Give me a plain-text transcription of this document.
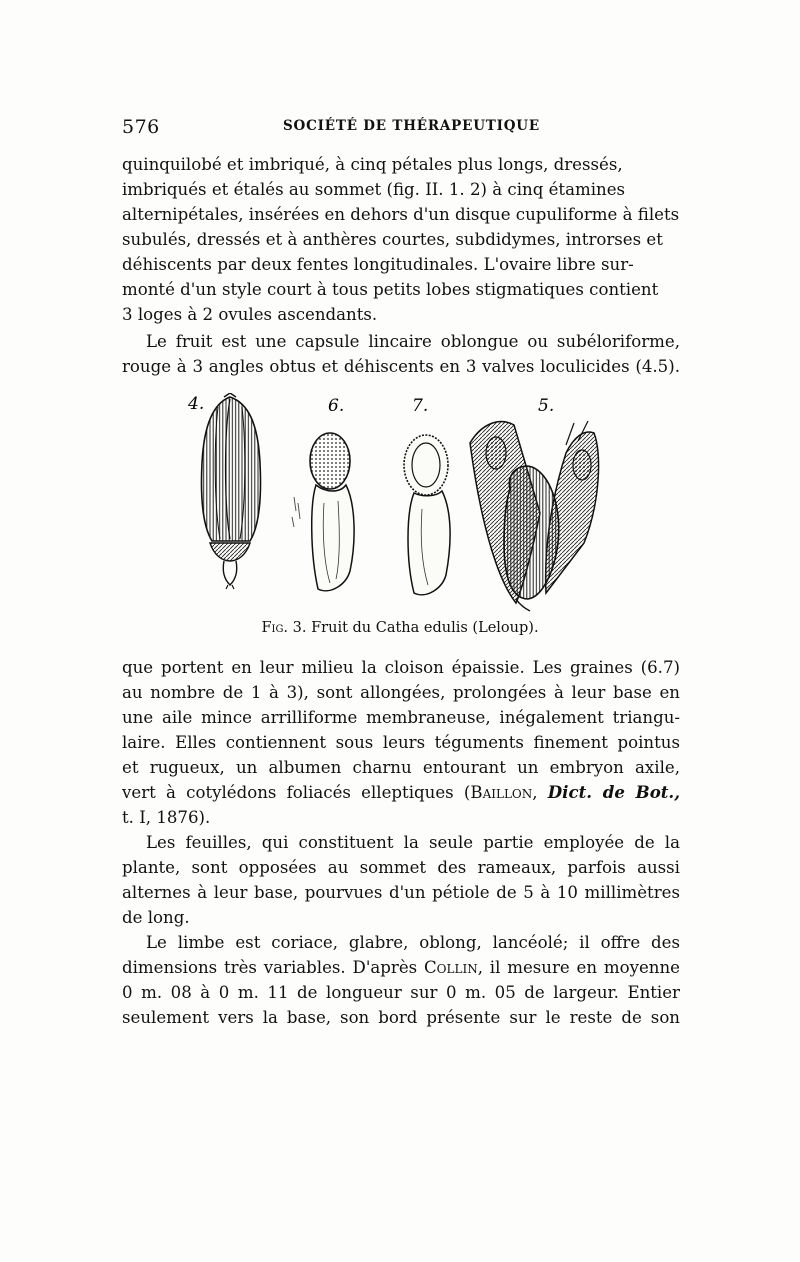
576	SOCIÉTÉ DE THÉRAPEUTIQUE
quinquilobé et imbriqué, à cinq pétales plus longs, dressés,
imbriqués et étalés au sommet (fig. II. 1. 2) à cinq étamines
alternipétales, insérées en dehors d'un disque cupuliforme à filets
subulés, dressés et à anthères courtes, subdidymes, introrses et
déhiscents par deux fentes longitudinales. L'ovaire libre sur-
monté d'un style court à tous petits lobes stigmatiques contient
3 loges à 2 ovules ascendants.
Le fruit est une capsule lincaire oblongue ou subéloriforme,
rouge à 3 angles obtus et déhiscents en 3 valves loculicides (4.5).
4.	6.	7.	5.
Fig. 3. Fruit du Catha edulis (Leloup).
que portent en leur milieu la cloison épaissie. Les graines (6.7)
au nombre de 1 à 3), sont allongées, prolongées à leur base en
une aile mince arrilliforme membraneuse, inégalement triangu-
laire. Elles contiennent sous leurs téguments finement pointus
et rugueux, un albumen charnu entourant un embryon axile,
vert à cotylédons foliacés elleptiques (Baillon, Dict. de Bot.,
t. I, 1876).
Les feuilles, qui constituent la seule partie employée de la
plante, sont opposées au sommet des rameaux, parfois aussi
alternes à leur base, pourvues d'un pétiole de 5 à 10 millimètres
de long.
Le limbe est coriace, glabre, oblong, lancéolé; il offre des
dimensions très variables. D'après Collin, il mesure en moyenne
0 m. 08 à 0 m. 11 de longueur sur 0 m. 05 de largeur. Entier
seulement vers la base, son bord présente sur le reste de son
